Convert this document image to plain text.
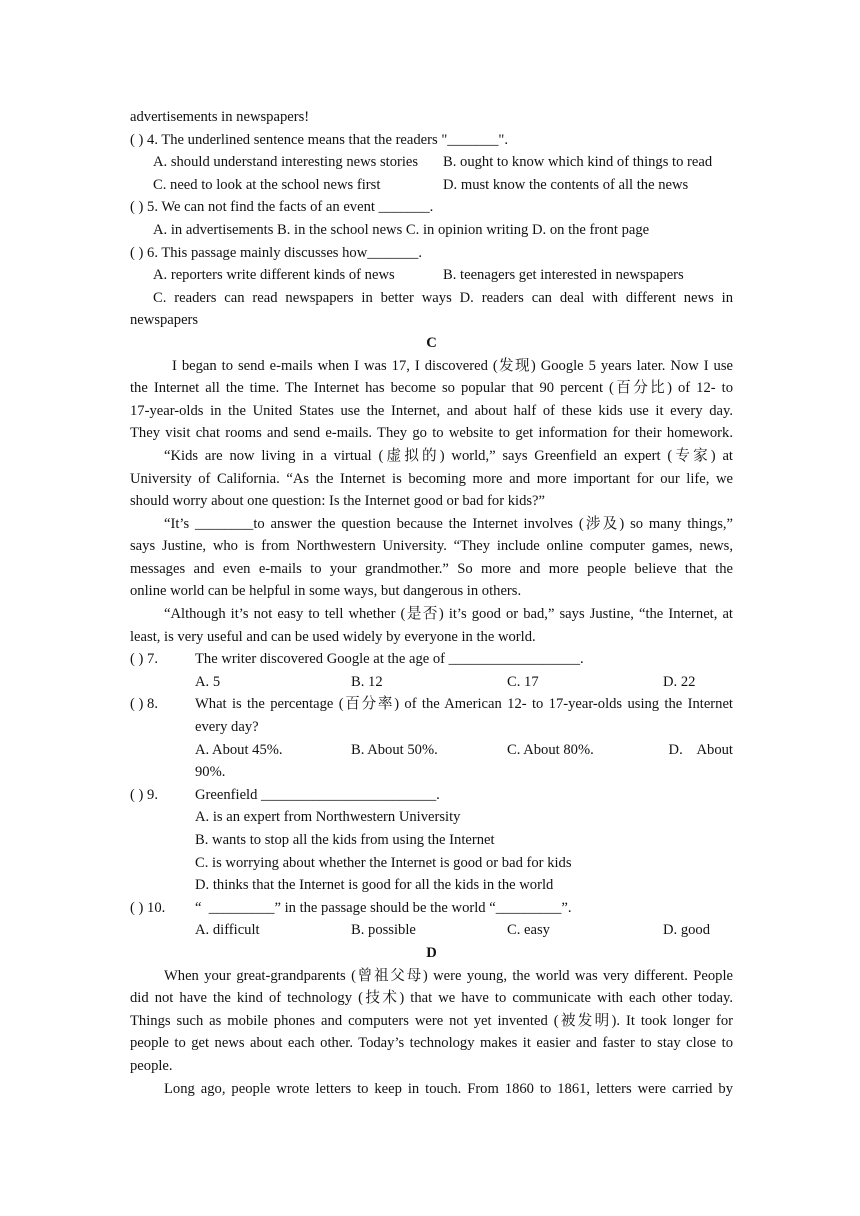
advertisements in newspapers!
( ) 4. The underlined sentence means that the readers "_______".
A. should understand interesting news stories B. ought to know which kind of things to read
C. need to look at the school news first	D. must know the contents of all the news
( ) 5. We can not find the facts of an event _______.
A. in advertisements B. in the school news C. in opinion writing D. on the front page
( ) 6. This passage mainly discusses how_______.
A. reporters write different kinds of news	B. teenagers get interested in newspapers
C. readers can read newspapers in better ways D. readers can deal with different news in
newspapers
C
I began to send e-mails when I was 17, I discovered (发现) Google 5 years later. Now I use
the Internet all the time. The Internet has become so popular that 90 percent (百分比) of 12- to
17-year-olds in the United States use the Internet, and about half of these kids use it every day.
They visit chat rooms and send e-mails. They go to website to get information for their homework.
“Kids are now living in a virtual (虚拟的) world,” says Greenfield an expert (专家) at
University of California. “As the Internet is becoming more and more important for our life, we
should worry about one question: Is the Internet good or bad for kids?”
“It’s ________to answer the question because the Internet involves (涉及) so many things,”
says Justine, who is from Northwestern University. “They include online computer games, news,
messages and even e-mails to your grandmother.” So more and more people believe that the
online world can be helpful in some ways, but dangerous in others.
“Although it’s not easy to tell whether (是否) it’s good or bad,” says Justine, “the Internet, at
least, is very useful and can be used widely by everyone in the world.
( ) 7.	The writer discovered Google at the age of __________________.
A. 5	B. 12	C. 17	D. 22
( ) 8.	What is the percentage (百分率) of the American 12- to 17-year-olds using the Internet
every day?
A. About 45%.	B. About 50%.	C. About 80%.	D.    About
90%.
( ) 9.	Greenfield ________________________.
A. is an expert from Northwestern University
B. wants to stop all the kids from using the Internet
C. is worrying about whether the Internet is good or bad for kids
D. thinks that the Internet is good for all the kids in the world
( ) 10.	“  _________” in the passage should be the world “_________”.
A. difficult	B. possible	C. easy	D. good
D
When your great-grandparents (曾祖父母) were young, the world was very different. People
did not have the kind of technology (技术) that we have to communicate with each other today.
Things such as mobile phones and computers were not yet invented (被发明). It took longer for
people to get news about each other. Today’s technology makes it easier and faster to stay close to
people.
Long ago, people wrote letters to keep in touch. From 1860 to 1861, letters were carried by
